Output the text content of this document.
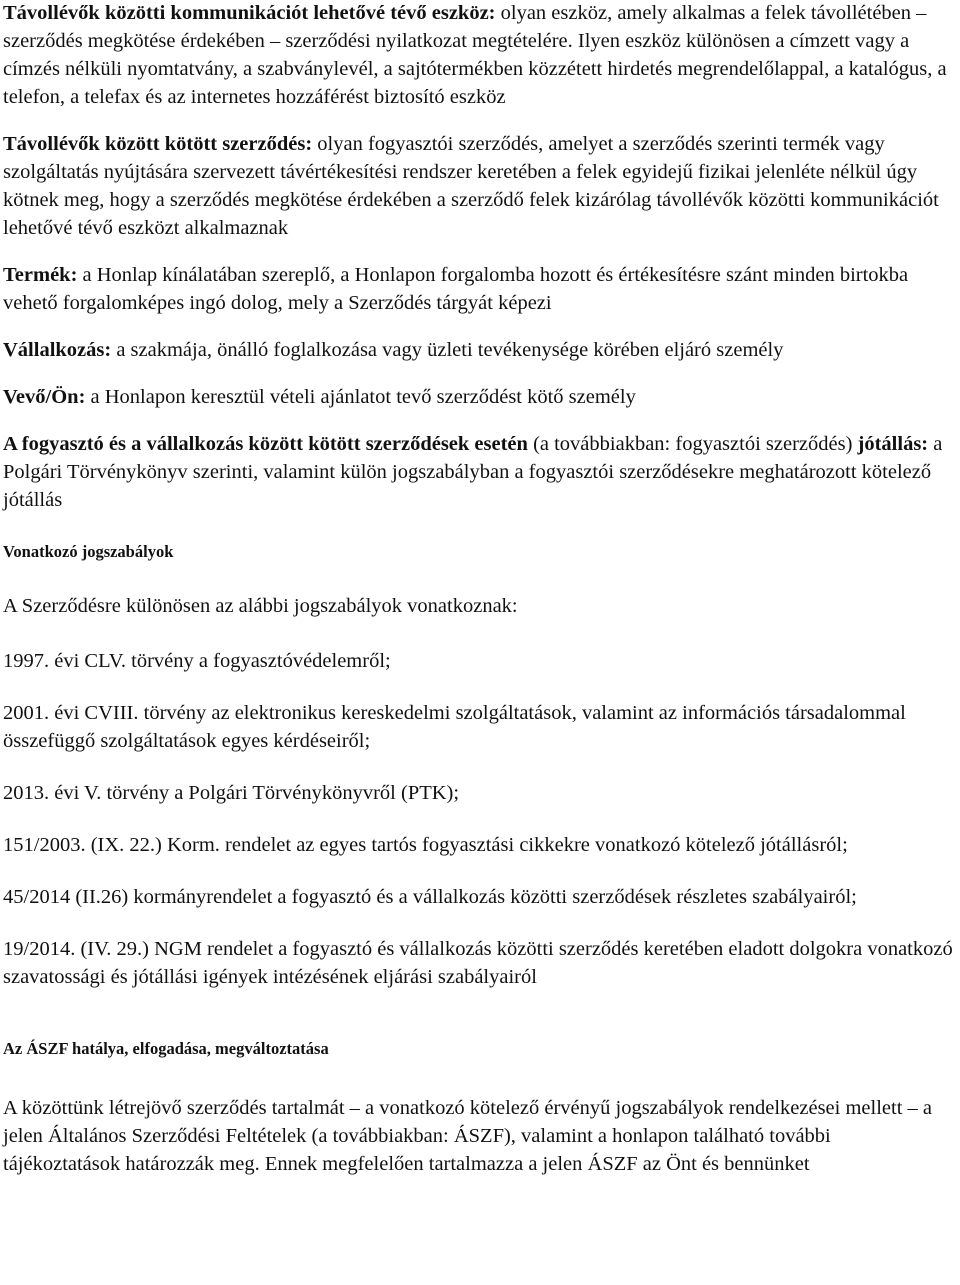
Távollévők közötti kommunikációt lehetővé tévő eszköz: olyan eszköz, amely alkalmas a felek távollétében – szerződés megkötése érdekében – szerződési nyilatkozat megtételére. Ilyen eszköz különösen a címzett vagy a címzés nélküli nyomtatvány, a szabványlevél, a sajtótermékben közzétett hirdetés megrendelőlappal, a katalógus, a telefon, a telefax és az internetes hozzáférést biztosító eszköz

Távollévők között kötött szerződés: olyan fogyasztói szerződés, amelyet a szerződés szerinti termék vagy szolgáltatás nyújtására szervezett távértékesítési rendszer keretében a felek egyidejű fizikai jelenléte nélkül úgy kötnek meg, hogy a szerződés megkötése érdekében a szerződő felek kizárólag távollévők közötti kommunikációt lehetővé tévő eszközt alkalmaznak

Termék: a Honlap kínálatában szereplő, a Honlapon forgalomba hozott és értékesítésre szánt minden birtokba vehető forgalomképes ingó dolog, mely a Szerződés tárgyát képezi

Vállalkozás: a szakmája, önálló foglalkozása vagy üzleti tevékenysége körében eljáró személy

Vevő/Ön: a Honlapon keresztül vételi ajánlatot tevő szerződést kötő személy

A fogyasztó és a vállalkozás között kötött szerződések esetén (a továbbiakban: fogyasztói szerződés) jótállás: a Polgári Törvénykönyv szerinti, valamint külön jogszabályban a fogyasztói szerződésekre meghatározott kötelező jótállás

Vonatkozó jogszabályok

A Szerződésre különösen az alábbi jogszabályok vonatkoznak:

1997. évi CLV. törvény a fogyasztóvédelemről;

2001. évi CVIII. törvény az elektronikus kereskedelmi szolgáltatások, valamint az információs társadalommal összefüggő szolgáltatások egyes kérdéseiről;

2013. évi V. törvény a Polgári Törvénykönyvről (PTK);

151/2003. (IX. 22.) Korm. rendelet az egyes tartós fogyasztási cikkekre vonatkozó kötelező jótállásról;

45/2014 (II.26) kormányrendelet a fogyasztó és a vállalkozás közötti szerződések részletes szabályairól;

19/2014. (IV. 29.) NGM rendelet a fogyasztó és vállalkozás közötti szerződés keretében eladott dolgokra vonatkozó szavatossági és jótállási igények intézésének eljárási szabályairól

Az ÁSZF hatálya, elfogadása, megváltoztatása

A közöttünk létrejövő szerződés tartalmát – a vonatkozó kötelező érvényű jogszabályok rendelkezései mellett – a jelen Általános Szerződési Feltételek (a továbbiakban: ÁSZF), valamint a honlapon található további tájékoztatások határozzák meg. Ennek megfelelően tartalmazza a jelen ÁSZF az Önt és bennünket
